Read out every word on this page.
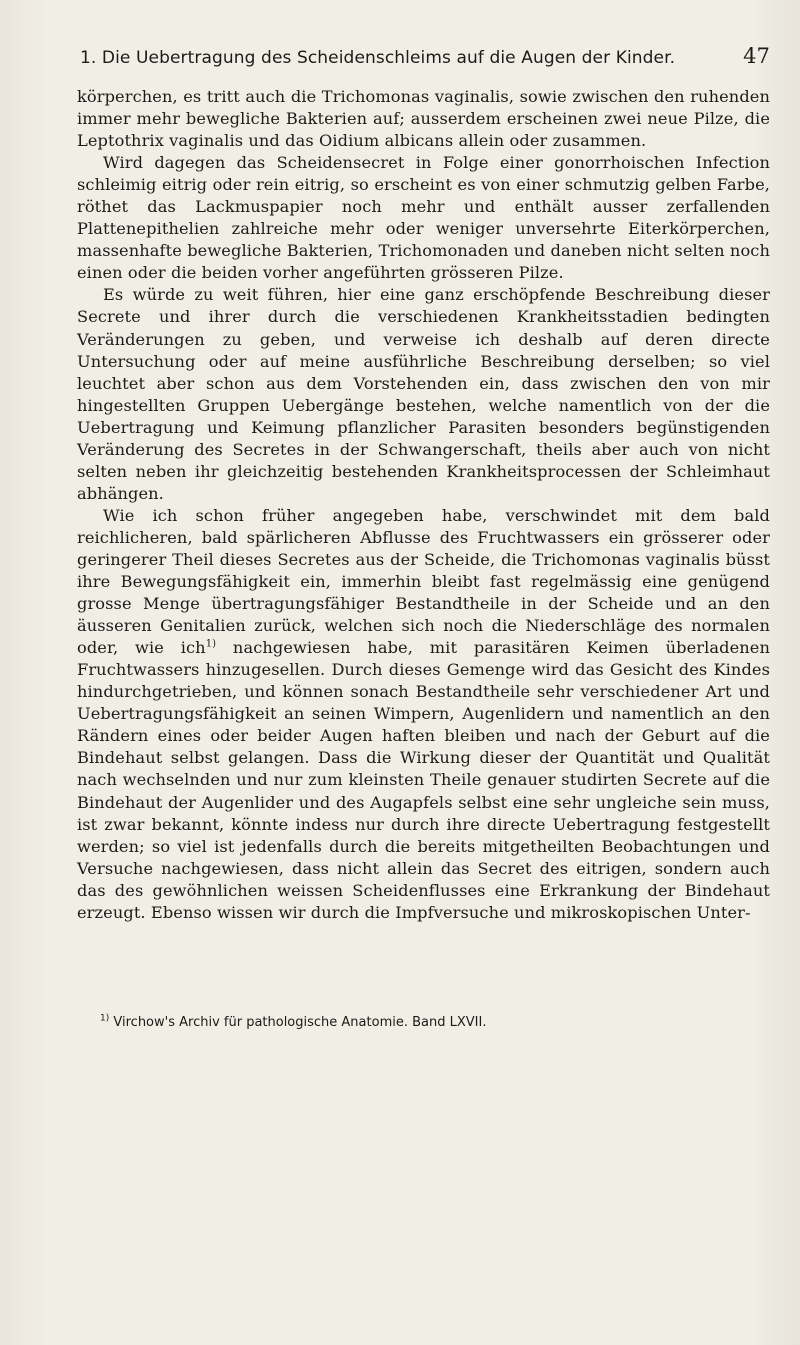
1. Die Uebertragung des Scheidenschleims auf die Augen der Kinder.	47

körperchen, es tritt auch die Trichomonas vaginalis, sowie zwischen den ruhenden immer mehr bewegliche Bakterien auf; ausserdem erscheinen zwei neue Pilze, die Leptothrix vaginalis und das Oidium albicans allein oder zusammen.

Wird dagegen das Scheidensecret in Folge einer gonorrhoischen Infection schleimig eitrig oder rein eitrig, so erscheint es von einer schmutzig gelben Farbe, röthet das Lackmuspapier noch mehr und enthält ausser zerfallenden Plattenepithelien zahlreiche mehr oder weniger unversehrte Eiterkörperchen, massenhafte bewegliche Bakterien, Trichomonaden und daneben nicht selten noch einen oder die beiden vorher angeführten grösseren Pilze.

Es würde zu weit führen, hier eine ganz erschöpfende Beschreibung dieser Secrete und ihrer durch die verschiedenen Krankheitsstadien bedingten Veränderungen zu geben, und verweise ich deshalb auf deren directe Untersuchung oder auf meine ausführliche Beschreibung derselben; so viel leuchtet aber schon aus dem Vorstehenden ein, dass zwischen den von mir hingestellten Gruppen Uebergänge bestehen, welche namentlich von der die Uebertragung und Keimung pflanzlicher Parasiten besonders begünstigenden Veränderung des Secretes in der Schwangerschaft, theils aber auch von nicht selten neben ihr gleichzeitig bestehenden Krankheitsprocessen der Schleimhaut abhängen.

Wie ich schon früher angegeben habe, verschwindet mit dem bald reichlicheren, bald spärlicheren Abflusse des Fruchtwassers ein grösserer oder geringerer Theil dieses Secretes aus der Scheide, die Trichomonas vaginalis büsst ihre Bewegungsfähigkeit ein, immerhin bleibt fast regelmässig eine genügend grosse Menge übertragungsfähiger Bestandtheile in der Scheide und an den äusseren Genitalien zurück, welchen sich noch die Niederschläge des normalen oder, wie ich$^{1)}$ nachgewiesen habe, mit parasitären Keimen überladenen Fruchtwassers hinzugesellen. Durch dieses Gemenge wird das Gesicht des Kindes hindurchgetrieben, und können sonach Bestandtheile sehr verschiedener Art und Uebertragungsfähigkeit an seinen Wimpern, Augenlidern und namentlich an den Rändern eines oder beider Augen haften bleiben und nach der Geburt auf die Bindehaut selbst gelangen. Dass die Wirkung dieser der Quantität und Qualität nach wechselnden und nur zum kleinsten Theile genauer studirten Secrete auf die Bindehaut der Augenlider und des Augapfels selbst eine sehr ungleiche sein muss, ist zwar bekannt, könnte indess nur durch ihre directe Uebertragung festgestellt werden; so viel ist jedenfalls durch die bereits mitgetheilten Beobachtungen und Versuche nachgewiesen, dass nicht allein das Secret des eitrigen, sondern auch das des gewöhnlichen weissen Scheidenflusses eine Erkrankung der Bindehaut erzeugt. Ebenso wissen wir durch die Impfversuche und mikroskopischen Unter-

$^{1)}$ Virchow's Archiv für pathologische Anatomie. Band LXVII.
